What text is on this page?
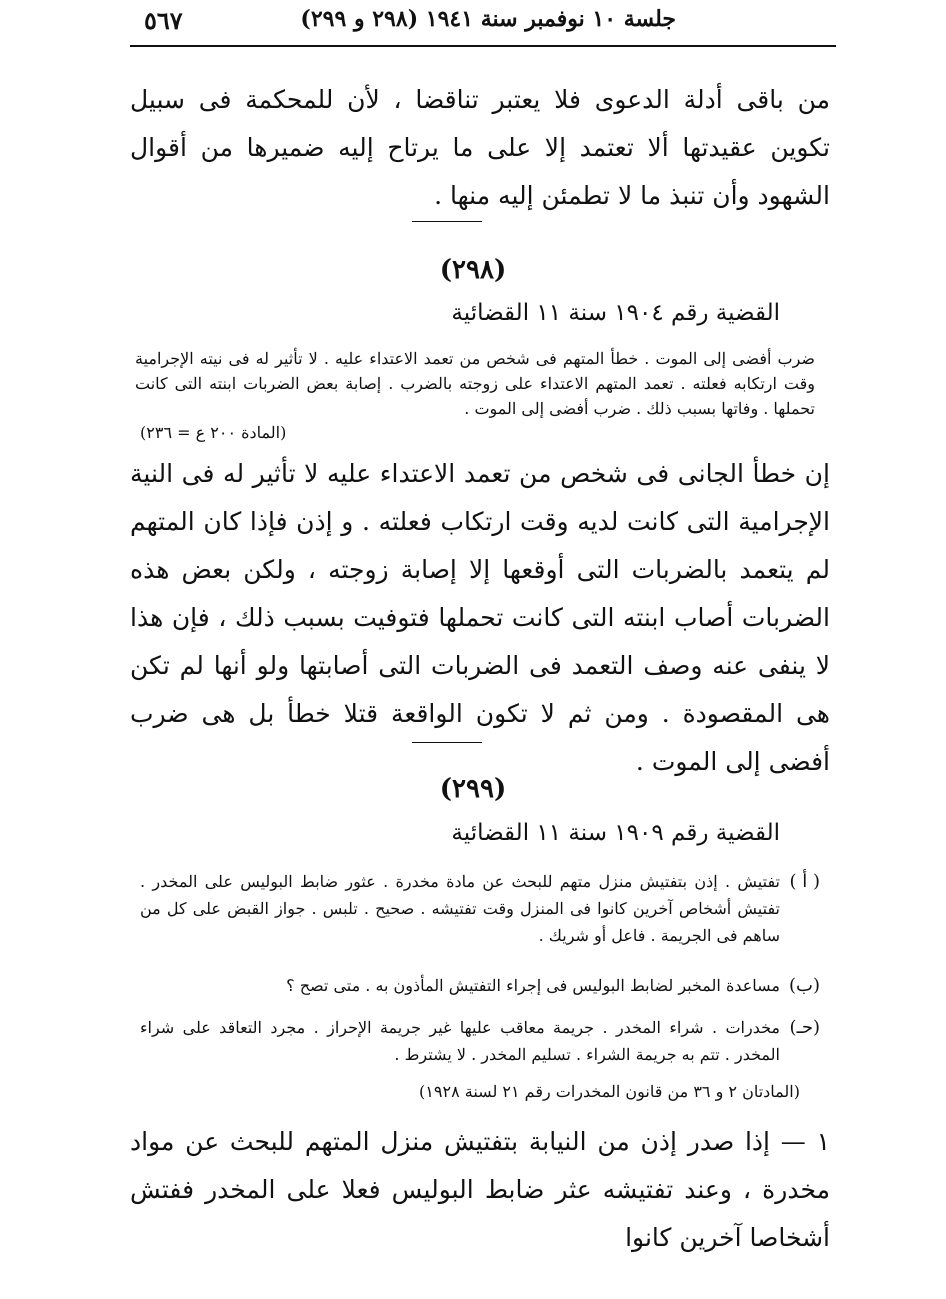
جلسة ١٠ نوفمبر سنة ١٩٤١ (٢٩٨ و ٢٩٩)
٥٦٧
من باقى أدلة الدعوى فلا يعتبر تناقضا ، لأن للمحكمة فى سبيل تكوين عقيدتها ألا تعتمد إلا على ما يرتاح إليه ضميرها من أقوال الشهود وأن تنبذ ما لا تطمئن إليه منها .
(٢٩٨)
القضية رقم ١٩٠٤ سنة ١١ القضائية
ضرب أفضى إلى الموت . خطأ المتهم فى شخص من تعمد الاعتداء عليه . لا تأثير له فى نيته الإجرامية وقت ارتكابه فعلته . تعمد المتهم الاعتداء على زوجته بالضرب . إصابة بعض الضربات ابنته التى كانت تحملها . وفاتها بسبب ذلك . ضرب أفضى إلى الموت .
(المادة ٢٠٠ ع = ٢٣٦)
إن خطأ الجانى فى شخص من تعمد الاعتداء عليه لا تأثير له فى النية الإجرامية التى كانت لديه وقت ارتكاب فعلته . و إذن فإذا كان المتهم لم يتعمد بالضربات التى أوقعها إلا إصابة زوجته ، ولكن بعض هذه الضربات أصاب ابنته التى كانت تحملها فتوفيت بسبب ذلك ، فإن هذا لا ينفى عنه وصف التعمد فى الضربات التى أصابتها ولو أنها لم تكن هى المقصودة . ومن ثم لا تكون الواقعة قتلا خطأ بل هى ضرب أفضى إلى الموت .
(٢٩٩)
القضية رقم ١٩٠٩ سنة ١١ القضائية
( أ )
تفتيش . إذن بتفتيش منزل متهم للبحث عن مادة مخدرة . عثور ضابط البوليس على المخدر . تفتيش أشخاص آخرين كانوا فى المنزل وقت تفتيشه . صحيح . تلبس . جواز القبض على كل من ساهم فى الجريمة . فاعل أو شريك .
(ب)
مساعدة المخبر لضابط البوليس فى إجراء التفتيش المأذون به . متى تصح ؟
(حـ)
مخدرات . شراء المخدر . جريمة معاقب عليها غير جريمة الإحراز . مجرد التعاقد على شراء المخدر . تتم به جريمة الشراء . تسليم المخدر . لا يشترط .
(المادتان ٢ و ٣٦ من قانون المخدرات رقم ٢١ لسنة ١٩٢٨)
١ — إذا صدر إذن من النيابة بتفتيش منزل المتهم للبحث عن مواد مخدرة ، وعند تفتيشه عثر ضابط البوليس فعلا على المخدر ففتش أشخاصا آخرين كانوا
